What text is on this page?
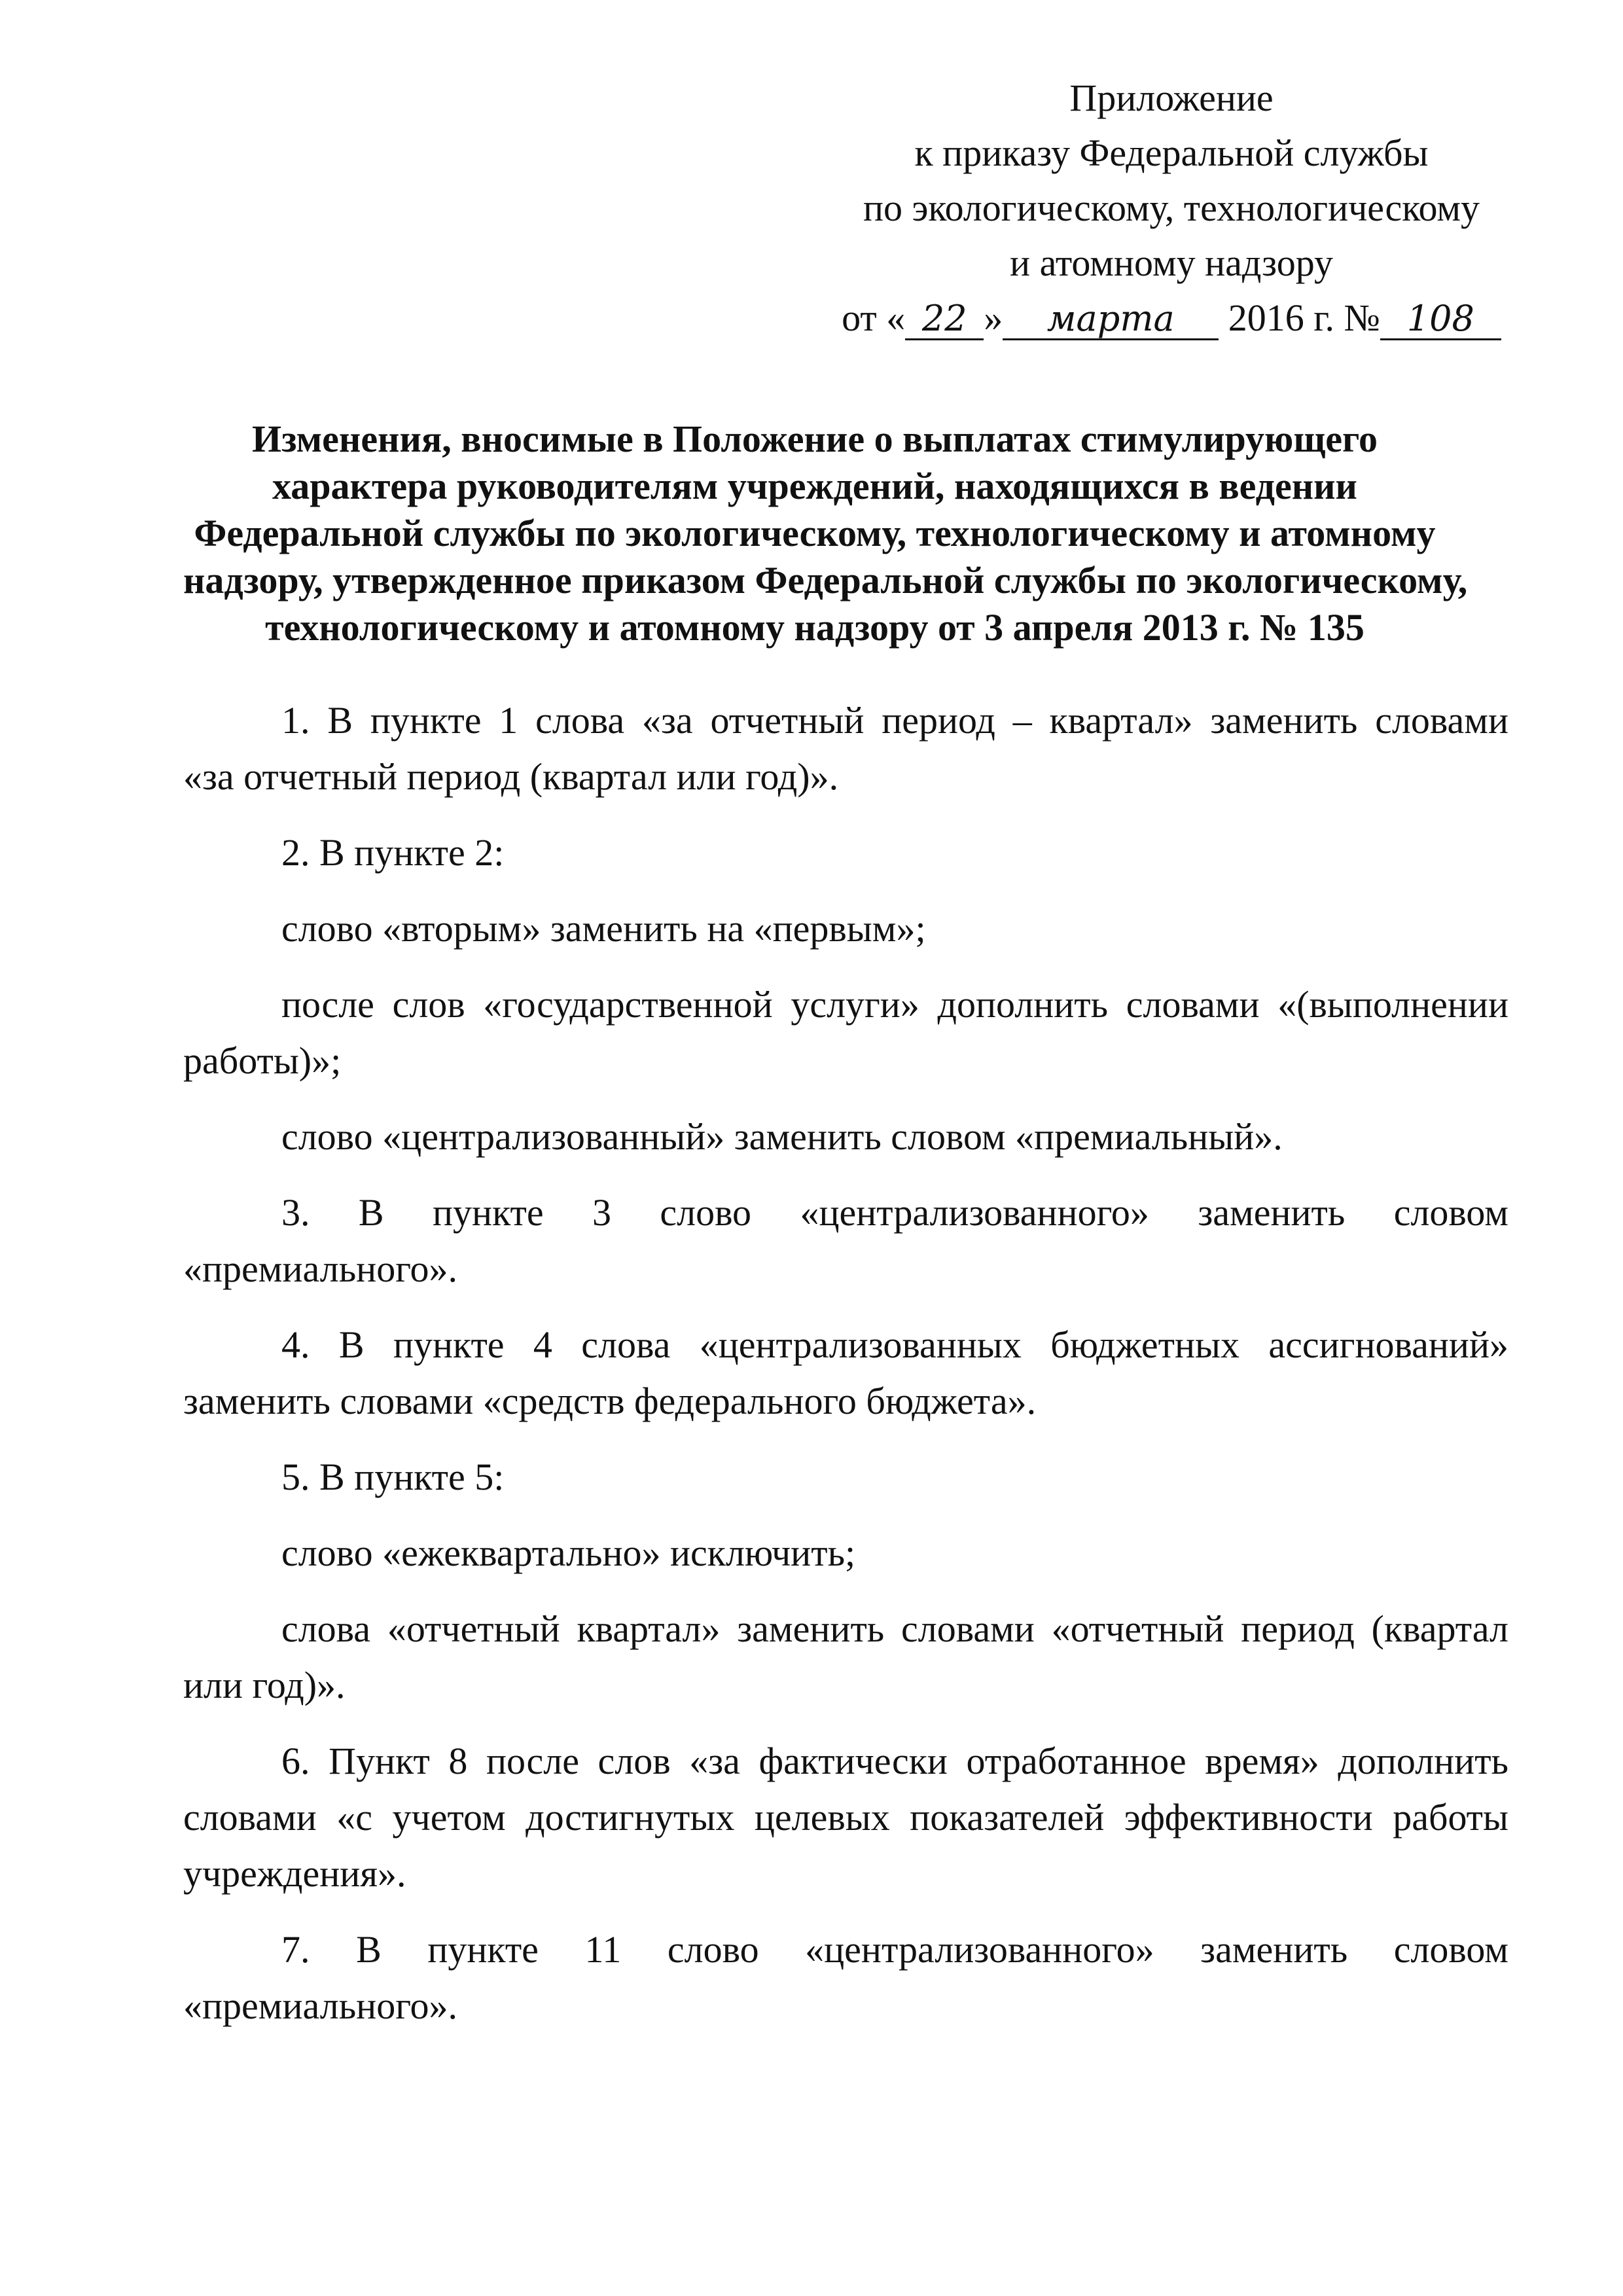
Приложение
к приказу Федеральной службы
по экологическому, технологическому
и атомному надзору
от « 22 » марта 2016 г. № 108
Изменения, вносимые в Положение о выплатах стимулирующего
характера руководителям учреждений, находящихся в ведении
Федеральной службы по экологическому, технологическому и атомному
надзору, утвержденное приказом Федеральной службы по экологическому,
технологическому и атомному надзору от 3 апреля 2013 г. № 135
1. В пункте 1 слова «за отчетный период – квартал» заменить словами
«за отчетный период (квартал или год)».
2. В пункте 2:
слово «вторым» заменить на «первым»;
после слов «государственной услуги» дополнить словами «(выполнении
работы)»;
слово «централизованный» заменить словом «премиальный».
3. В пункте 3 слово «централизованного» заменить словом
«премиального».
4. В пункте 4 слова «централизованных бюджетных ассигнований»
заменить словами «средств федерального бюджета».
5. В пункте 5:
слово «ежеквартально» исключить;
слова «отчетный квартал» заменить словами «отчетный период (квартал
или год)».
6. Пункт 8 после слов «за фактически отработанное время» дополнить
словами «с учетом достигнутых целевых показателей эффективности работы
учреждения».
7. В пункте 11 слово «централизованного» заменить словом
«премиального».
